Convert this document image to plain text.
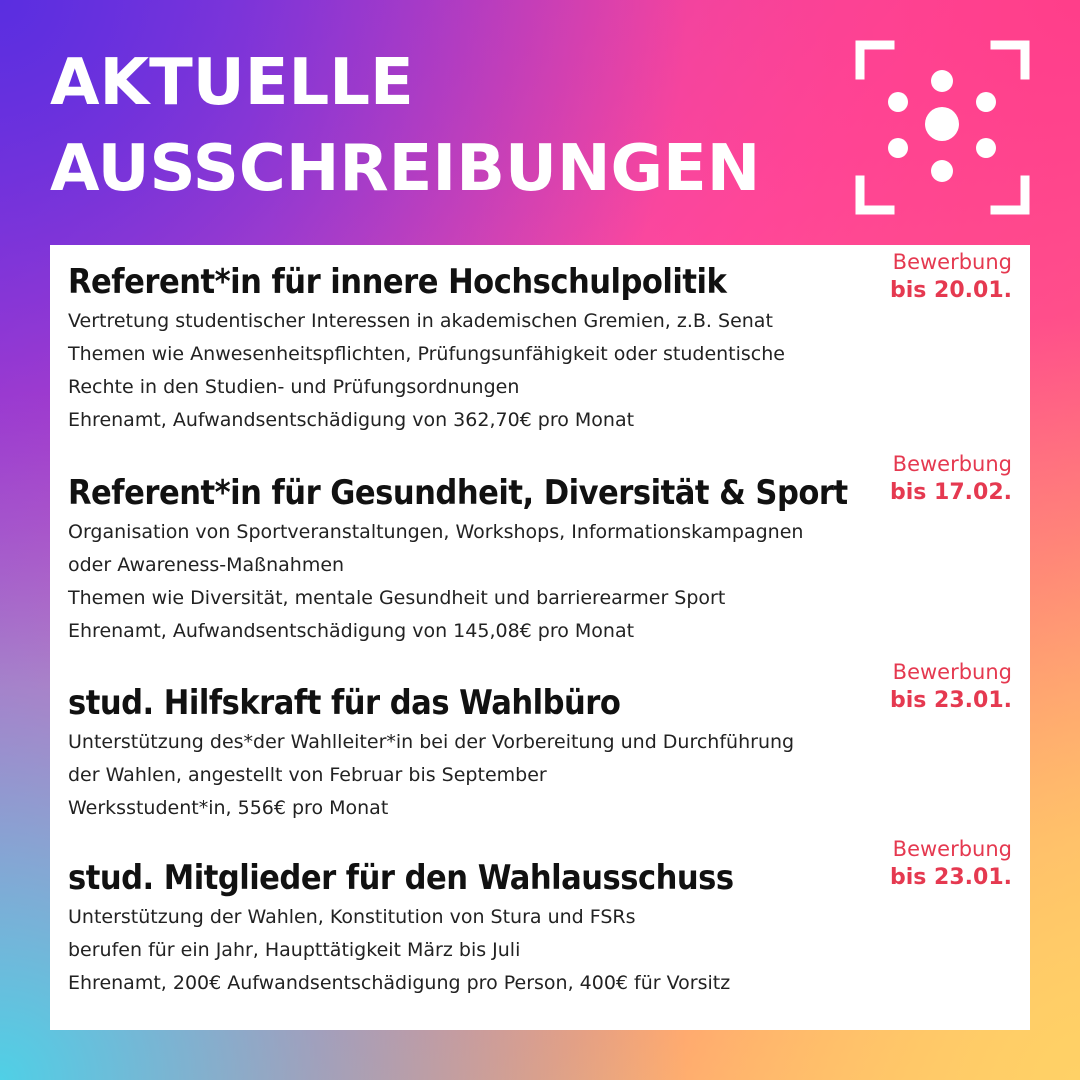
AKTUELLE
AUSSCHREIBUNGEN
Referent*in für innere Hochschulpolitik
Vertretung studentischer Interessen in akademischen Gremien, z.B. Senat
Themen wie Anwesenheitspflichten, Prüfungsunfähigkeit oder studentische
Rechte in den Studien- und Prüfungsordnungen
Ehrenamt, Aufwandsentschädigung von 362,70€ pro Monat
Bewerbung
bis 20.01.
Referent*in für Gesundheit, Diversität & Sport
Organisation von Sportveranstaltungen, Workshops, Informationskampagnen
oder Awareness-Maßnahmen
Themen wie Diversität, mentale Gesundheit und barrierearmer Sport
Ehrenamt, Aufwandsentschädigung von 145,08€ pro Monat
Bewerbung
bis 17.02.
stud. Hilfskraft für das Wahlbüro
Unterstützung des*der Wahlleiter*in bei der Vorbereitung und Durchführung
der Wahlen, angestellt von Februar bis September
Werksstudent*in, 556€ pro Monat
Bewerbung
bis 23.01.
stud. Mitglieder für den Wahlausschuss
Unterstützung der Wahlen, Konstitution von Stura und FSRs
berufen für ein Jahr, Haupttätigkeit März bis Juli
Ehrenamt, 200€ Aufwandsentschädigung pro Person, 400€ für Vorsitz
Bewerbung
bis 23.01.
